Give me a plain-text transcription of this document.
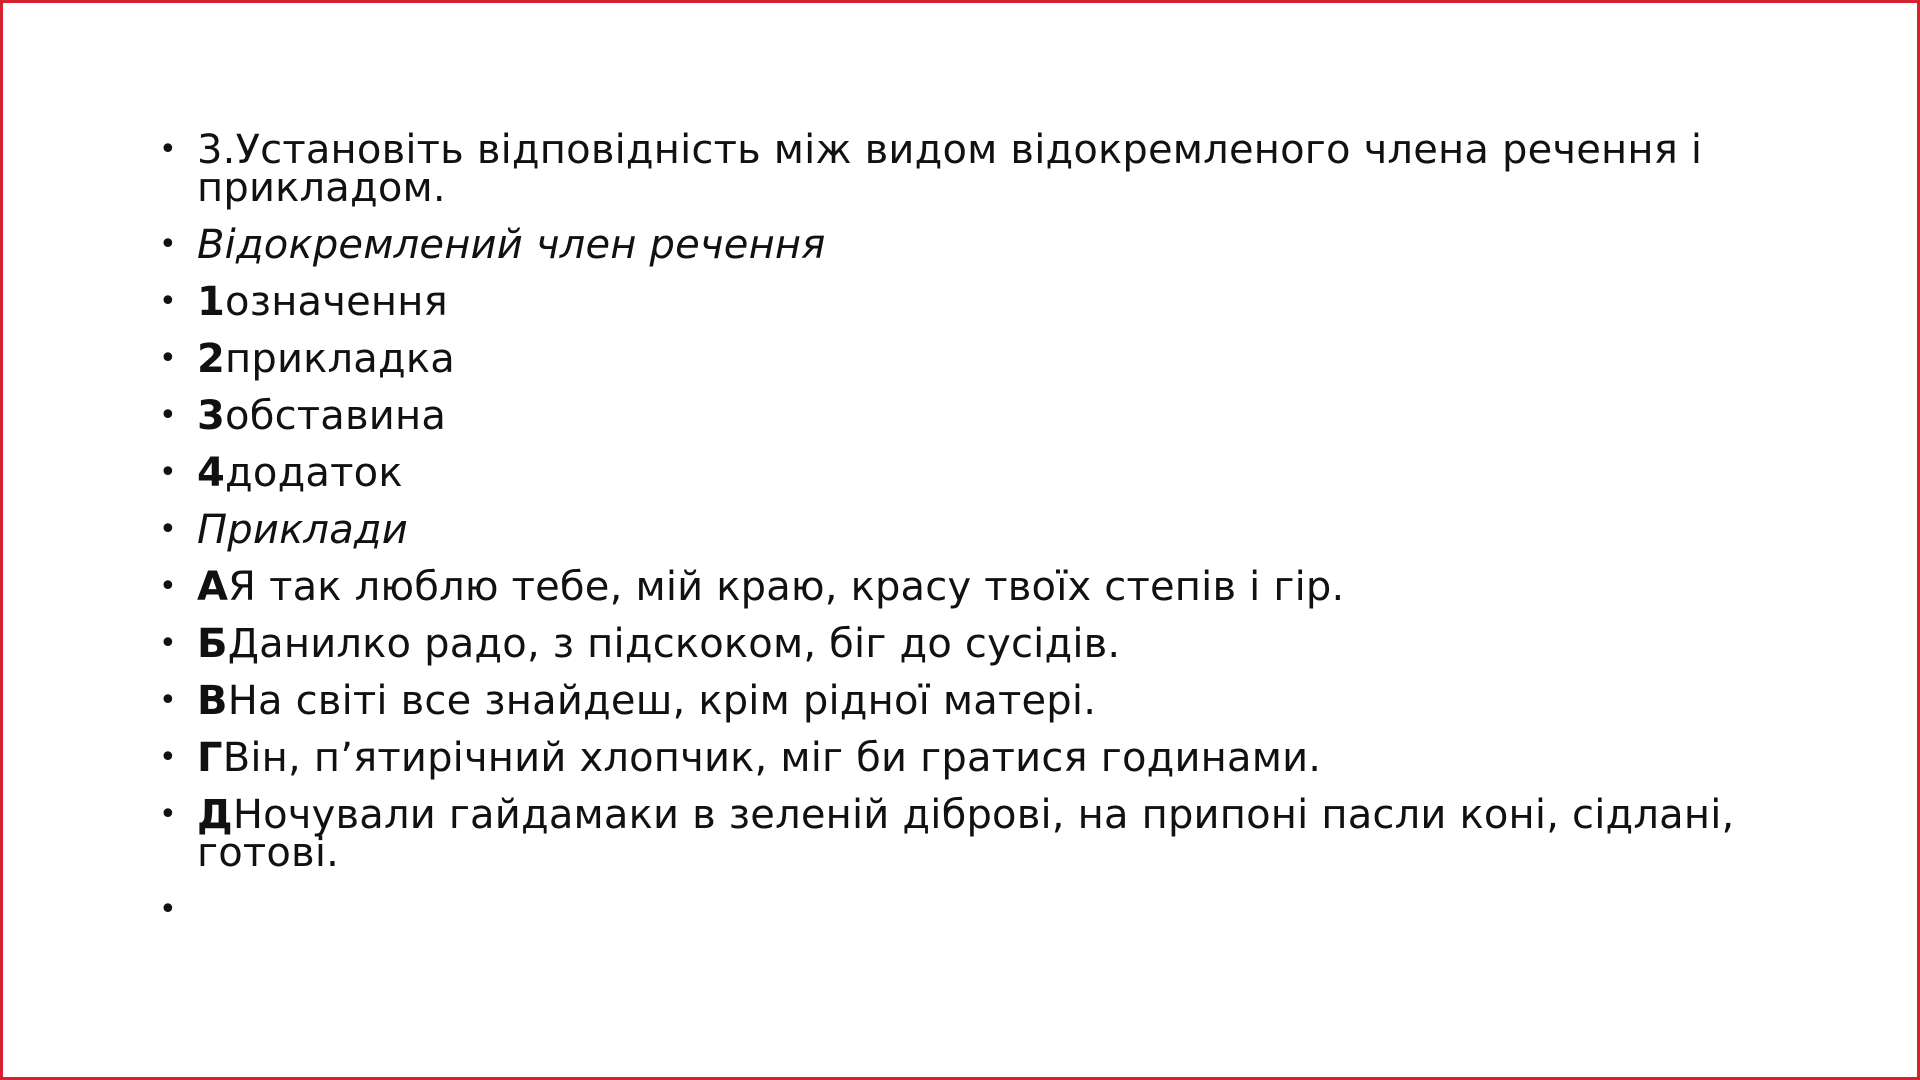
• 3.Установіть відповідність між видом відокремленого члена речення і прикладом.
• Відокремлений член речення
• 1означення
• 2прикладка
• 3обставина
• 4додаток
• Приклади
• АЯ так люблю тебе, мій краю, красу твоїх степів і гір.
• БДанилко радо, з підскоком, біг до сусідів.
• ВНа світі все знайдеш, крім рідної матері.
• ГВін, п’ятирічний хлопчик, міг би гратися годинами.
• ДНочували гайдамаки в зеленій діброві, на припоні пасли коні, сідлані, готові.
•
